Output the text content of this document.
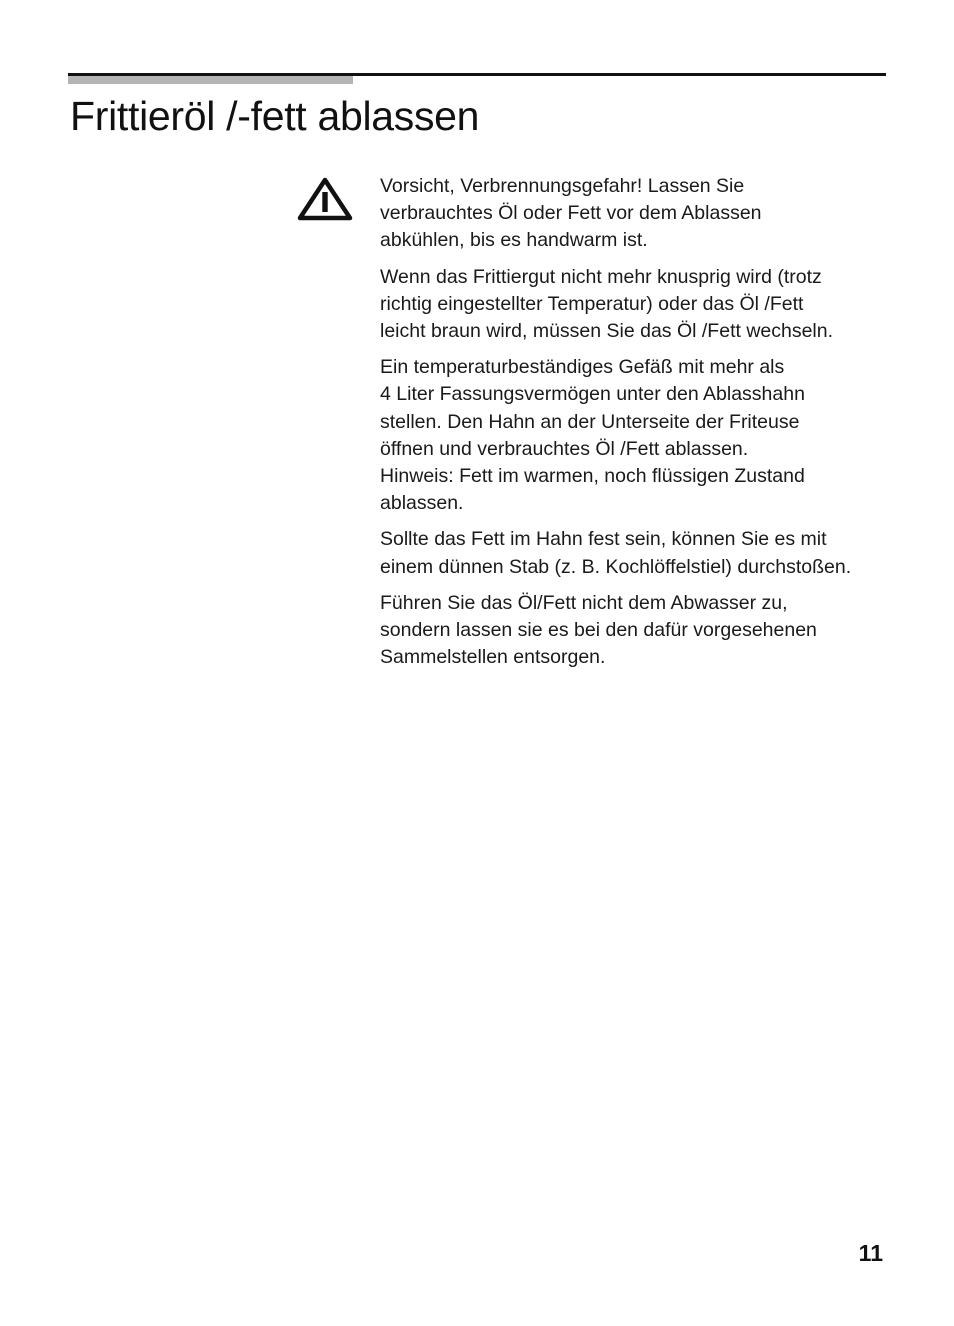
Frittieröl /-fett ablassen

Vorsicht, Verbrennungsgefahr! Lassen Sie
verbrauchtes Öl oder Fett vor dem Ablassen
abkühlen, bis es handwarm ist.

Wenn das Frittiergut nicht mehr knusprig wird (trotz
richtig eingestellter Temperatur) oder das Öl /Fett
leicht braun wird, müssen Sie das Öl /Fett wechseln.

Ein temperaturbeständiges Gefäß mit mehr als
4 Liter Fassungsvermögen unter den Ablasshahn
stellen. Den Hahn an der Unterseite der Friteuse
öffnen und verbrauchtes Öl /Fett ablassen.
Hinweis: Fett im warmen, noch flüssigen Zustand
ablassen.

Sollte das Fett im Hahn fest sein, können Sie es mit
einem dünnen Stab (z. B. Kochlöffelstiel) durchstoßen.

Führen Sie das Öl/Fett nicht dem Abwasser zu,
sondern lassen sie es bei den dafür vorgesehenen
Sammelstellen entsorgen.

11
